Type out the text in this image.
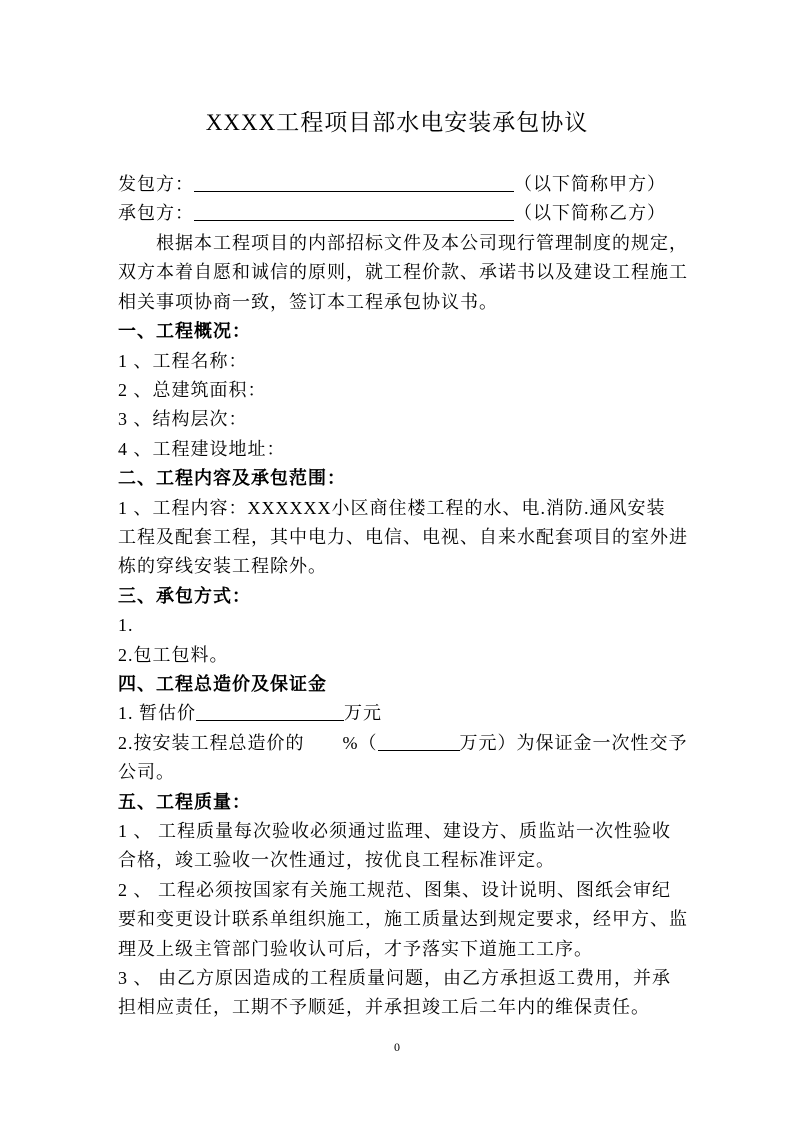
XXXX工程项目部水电安装承包协议
发包方：	（以下简称甲方）
承包方：	（以下简称乙方）
根据本工程项目的内部招标文件及本公司现行管理制度的规定，
双方本着自愿和诚信的原则，就工程价款、承诺书以及建设工程施工
相关事项协商一致，签订本工程承包协议书。
一、工程概况：
1 、工程名称：
2 、总建筑面积：
3 、结构层次：
4 、工程建设地址：
二、工程内容及承包范围：
1 、工程内容：XXXXXX小区商住楼工程的水、电.消防.通风安装
工程及配套工程，其中电力、电信、电视、自来水配套项目的室外进
栋的穿线安装工程除外。
三、承包方式：
1.
2.包工包料。
四、工程总造价及保证金
1. 暂估价	万元
2.按安装工程总造价的 %（	万元）为保证金一次性交予
公司。
五、工程质量：
1 、 工程质量每次验收必须通过监理、建设方、质监站一次性验收
合格，竣工验收一次性通过，按优良工程标准评定。
2 、 工程必须按国家有关施工规范、图集、设计说明、图纸会审纪
要和变更设计联系单组织施工，施工质量达到规定要求，经甲方、监
理及上级主管部门验收认可后，才予落实下道施工工序。
3 、 由乙方原因造成的工程质量问题，由乙方承担返工费用，并承
担相应责任，工期不予顺延，并承担竣工后二年内的维保责任。
0
